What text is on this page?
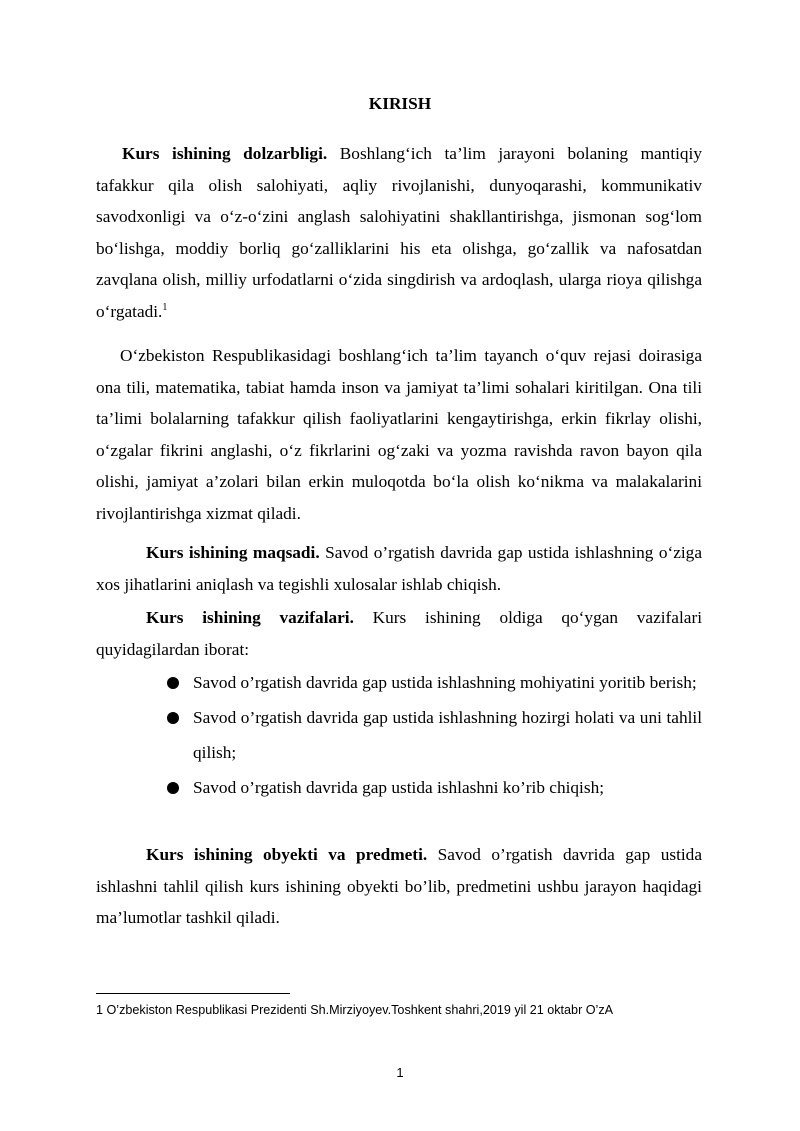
KIRISH

Kurs ishining dolzarbligi. Boshlang‘ich ta’lim jarayoni bolaning mantiqiy tafakkur qila olish salohiyati, aqliy rivojlanishi, dunyoqarashi, kommunikativ savodxonligi va o‘z-o‘zini anglash salohiyatini shakllantirishga, jismonan sog‘lom bo‘lishga, moddiy borliq go‘zalliklarini his eta olishga, go‘zallik va nafosatdan zavqlana olish, milliy urfodatlarni o‘zida singdirish va ardoqlash, ularga rioya qilishga o‘rgatadi.$^1$

O‘zbekiston Respublikasidagi boshlang‘ich ta’lim tayanch o‘quv rejasi doirasiga ona tili, matematika, tabiat hamda inson va jamiyat ta’limi sohalari kiritilgan. Ona tili ta’limi bolalarning tafakkur qilish faoliyatlarini kengaytirishga, erkin fikrlay olishi, o‘zgalar fikrini anglashi, o‘z fikrlarini og‘zaki va yozma ravishda ravon bayon qila olishi, jamiyat a’zolari bilan erkin muloqotda bo‘la olish ko‘nikma va malakalarini rivojlantirishga xizmat qiladi.

Kurs ishining maqsadi. Savod o’rgatish davrida gap ustida ishlashning o‘ziga xos jihatlarini aniqlash va tegishli xulosalar ishlab chiqish.

Kurs ishining vazifalari. Kurs ishining oldiga qo‘ygan vazifalari quyidagilardan iborat:

Savod o’rgatish davrida gap ustida ishlashning mohiyatini yoritib berish;
Savod o’rgatish davrida gap ustida ishlashning hozirgi holati va uni tahlil qilish;
Savod o’rgatish davrida gap ustida ishlashni ko’rib chiqish;

Kurs ishining obyekti va predmeti. Savod o’rgatish davrida gap ustida ishlashni tahlil qilish kurs ishining obyekti bo’lib, predmetini ushbu jarayon haqidagi ma’lumotlar tashkil qiladi.

1 O’zbekiston Respublikasi Prezidenti Sh.Mirziyoyev.Toshkent shahri,2019 yil 21 oktabr O’zA
1
